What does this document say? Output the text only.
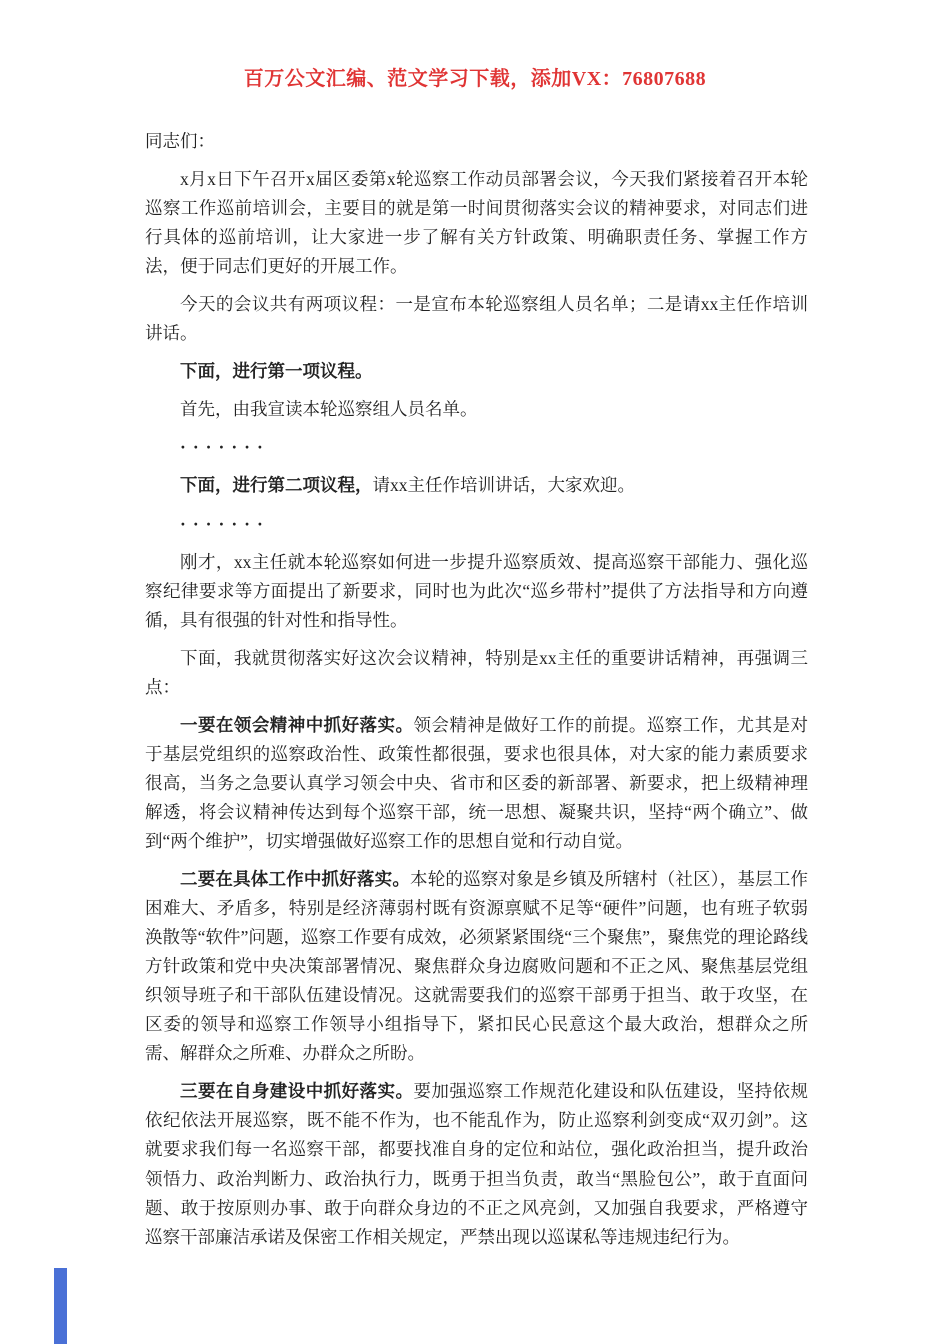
百万公文汇编、范文学习下载，添加VX：76807688

同志们：

x月x日下午召开x届区委第x轮巡察工作动员部署会议，今天我们紧接着召开本轮巡察工作巡前培训会，主要目的就是第一时间贯彻落实会议的精神要求，对同志们进行具体的巡前培训，让大家进一步了解有关方针政策、明确职责任务、掌握工作方法，便于同志们更好的开展工作。

今天的会议共有两项议程：一是宣布本轮巡察组人员名单；二是请xx主任作培训讲话。

下面，进行第一项议程。

首先，由我宣读本轮巡察组人员名单。

·······

下面，进行第二项议程，请xx主任作培训讲话，大家欢迎。

·······

刚才，xx主任就本轮巡察如何进一步提升巡察质效、提高巡察干部能力、强化巡察纪律要求等方面提出了新要求，同时也为此次“巡乡带村”提供了方法指导和方向遵循，具有很强的针对性和指导性。

下面，我就贯彻落实好这次会议精神，特别是xx主任的重要讲话精神，再强调三点：

一要在领会精神中抓好落实。领会精神是做好工作的前提。巡察工作，尤其是对于基层党组织的巡察政治性、政策性都很强，要求也很具体，对大家的能力素质要求很高，当务之急要认真学习领会中央、省市和区委的新部署、新要求，把上级精神理解透，将会议精神传达到每个巡察干部，统一思想、凝聚共识，坚持“两个确立”、做到“两个维护”，切实增强做好巡察工作的思想自觉和行动自觉。

二要在具体工作中抓好落实。本轮的巡察对象是乡镇及所辖村（社区），基层工作困难大、矛盾多，特别是经济薄弱村既有资源禀赋不足等“硬件”问题，也有班子软弱涣散等“软件”问题，巡察工作要有成效，必须紧紧围绕“三个聚焦”，聚焦党的理论路线方针政策和党中央决策部署情况、聚焦群众身边腐败问题和不正之风、聚焦基层党组织领导班子和干部队伍建设情况。这就需要我们的巡察干部勇于担当、敢于攻坚，在区委的领导和巡察工作领导小组指导下，紧扣民心民意这个最大政治，想群众之所需、解群众之所难、办群众之所盼。

三要在自身建设中抓好落实。要加强巡察工作规范化建设和队伍建设，坚持依规依纪依法开展巡察，既不能不作为，也不能乱作为，防止巡察利剑变成“双刃剑”。这就要求我们每一名巡察干部，都要找准自身的定位和站位，强化政治担当，提升政治领悟力、政治判断力、政治执行力，既勇于担当负责，敢当“黑脸包公”，敢于直面问题、敢于按原则办事、敢于向群众身边的不正之风亮剑，又加强自我要求，严格遵守巡察干部廉洁承诺及保密工作相关规定，严禁出现以巡谋私等违规违纪行为。
